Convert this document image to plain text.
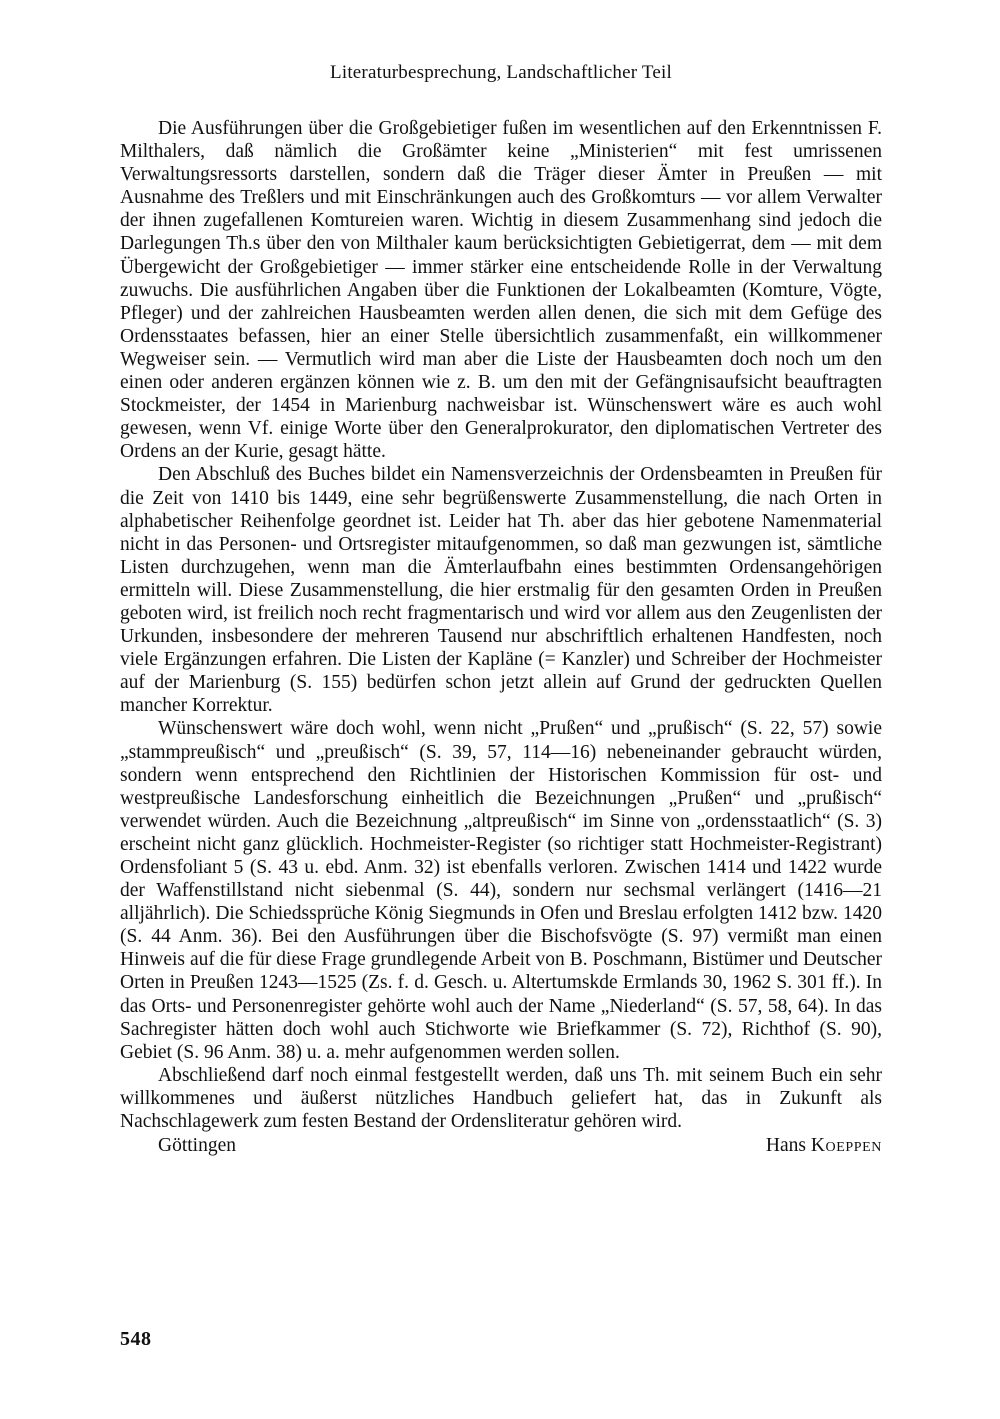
Literaturbesprechung, Landschaftlicher Teil

Die Ausführungen über die Großgebietiger fußen im wesentlichen auf den Erkenntnissen F. Milthalers, daß nämlich die Großämter keine „Ministerien“ mit fest umrissenen Verwaltungsressorts darstellen, sondern daß die Träger dieser Ämter in Preußen — mit Ausnahme des Treßlers und mit Einschränkungen auch des Großkomturs — vor allem Verwalter der ihnen zugefallenen Komtureien waren. Wichtig in diesem Zusammenhang sind jedoch die Darlegungen Th.s über den von Milthaler kaum berücksichtigten Gebietigerrat, dem — mit dem Übergewicht der Großgebietiger — immer stärker eine entscheidende Rolle in der Verwaltung zuwuchs. Die ausführlichen Angaben über die Funktionen der Lokalbeamten (Komture, Vögte, Pfleger) und der zahlreichen Hausbeamten werden allen denen, die sich mit dem Gefüge des Ordensstaates befassen, hier an einer Stelle übersichtlich zusammenfaßt, ein willkommener Wegweiser sein. — Vermutlich wird man aber die Liste der Hausbeamten doch noch um den einen oder anderen ergänzen können wie z. B. um den mit der Gefängnisaufsicht beauftragten Stockmeister, der 1454 in Marienburg nachweisbar ist. Wünschenswert wäre es auch wohl gewesen, wenn Vf. einige Worte über den Generalprokurator, den diplomatischen Vertreter des Ordens an der Kurie, gesagt hätte.

Den Abschluß des Buches bildet ein Namensverzeichnis der Ordensbeamten in Preußen für die Zeit von 1410 bis 1449, eine sehr begrüßenswerte Zusammenstellung, die nach Orten in alphabetischer Reihenfolge geordnet ist. Leider hat Th. aber das hier gebotene Namenmaterial nicht in das Personen- und Ortsregister mitaufgenommen, so daß man gezwungen ist, sämtliche Listen durchzugehen, wenn man die Ämterlaufbahn eines bestimmten Ordensangehörigen ermitteln will. Diese Zusammenstellung, die hier erstmalig für den gesamten Orden in Preußen geboten wird, ist freilich noch recht fragmentarisch und wird vor allem aus den Zeugenlisten der Urkunden, insbesondere der mehreren Tausend nur abschriftlich erhaltenen Handfesten, noch viele Ergänzungen erfahren. Die Listen der Kapläne (= Kanzler) und Schreiber der Hochmeister auf der Marienburg (S. 155) bedürfen schon jetzt allein auf Grund der gedruckten Quellen mancher Korrektur.

Wünschenswert wäre doch wohl, wenn nicht „Prußen“ und „prußisch“ (S. 22, 57) sowie „stammpreußisch“ und „preußisch“ (S. 39, 57, 114—16) nebeneinander gebraucht würden, sondern wenn entsprechend den Richtlinien der Historischen Kommission für ost- und westpreußische Landesforschung einheitlich die Bezeichnungen „Prußen“ und „prußisch“ verwendet würden. Auch die Bezeichnung „altpreußisch“ im Sinne von „ordensstaatlich“ (S. 3) erscheint nicht ganz glücklich. Hochmeister-Register (so richtiger statt Hochmeister-Registrant) Ordensfoliant 5 (S. 43 u. ebd. Anm. 32) ist ebenfalls verloren. Zwischen 1414 und 1422 wurde der Waffenstillstand nicht siebenmal (S. 44), sondern nur sechsmal verlängert (1416—21 alljährlich). Die Schiedssprüche König Siegmunds in Ofen und Breslau erfolgten 1412 bzw. 1420 (S. 44 Anm. 36). Bei den Ausführungen über die Bischofsvögte (S. 97) vermißt man einen Hinweis auf die für diese Frage grundlegende Arbeit von B. Poschmann, Bistümer und Deutscher Orten in Preußen 1243—1525 (Zs. f. d. Gesch. u. Altertumskde Ermlands 30, 1962 S. 301 ff.). In das Orts- und Personenregister gehörte wohl auch der Name „Niederland“ (S. 57, 58, 64). In das Sachregister hätten doch wohl auch Stichworte wie Briefkammer (S. 72), Richthof (S. 90), Gebiet (S. 96 Anm. 38) u. a. mehr aufgenommen werden sollen.

Abschließend darf noch einmal festgestellt werden, daß uns Th. mit seinem Buch ein sehr willkommenes und äußerst nützliches Handbuch geliefert hat, das in Zukunft als Nachschlagewerk zum festen Bestand der Ordensliteratur gehören wird.

Göttingen	Hans Koeppen
548
